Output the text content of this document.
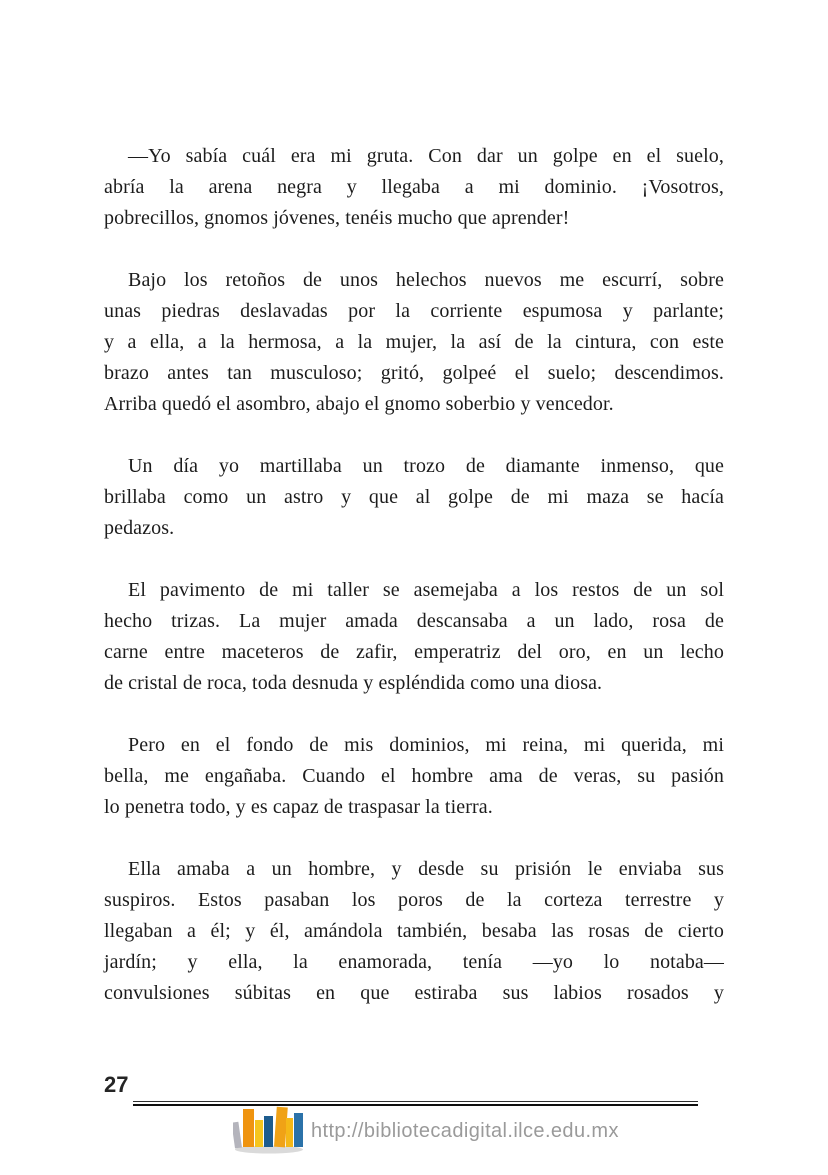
—Yo sabía cuál era mi gruta. Con dar un golpe en el suelo,
abría la arena negra y llegaba a mi dominio. ¡Vosotros,
pobrecillos, gnomos jóvenes, tenéis mucho que aprender!
Bajo los retoños de unos helechos nuevos me escurrí, sobre
unas piedras deslavadas por la corriente espumosa y parlante;
y a ella, a la hermosa, a la mujer, la así de la cintura, con este
brazo antes tan musculoso; gritó, golpeé el suelo; descendimos.
Arriba quedó el asombro, abajo el gnomo soberbio y vencedor.
Un día yo martillaba un trozo de diamante inmenso, que
brillaba como un astro y que al golpe de mi maza se hacía
pedazos.
El pavimento de mi taller se asemejaba a los restos de un sol
hecho trizas. La mujer amada descansaba a un lado, rosa de
carne entre maceteros de zafir, emperatriz del oro, en un lecho
de cristal de roca, toda desnuda y espléndida como una diosa.
Pero en el fondo de mis dominios, mi reina, mi querida, mi
bella, me engañaba. Cuando el hombre ama de veras, su pasión
lo penetra todo, y es capaz de traspasar la tierra.
Ella amaba a un hombre, y desde su prisión le enviaba sus
suspiros. Estos pasaban los poros de la corteza terrestre y
llegaban a él; y él, amándola también, besaba las rosas de cierto
jardín; y ella, la enamorada, tenía —yo lo notaba—
convulsiones súbitas en que estiraba sus labios rosados y
27
http://bibliotecadigital.ilce.edu.mx
